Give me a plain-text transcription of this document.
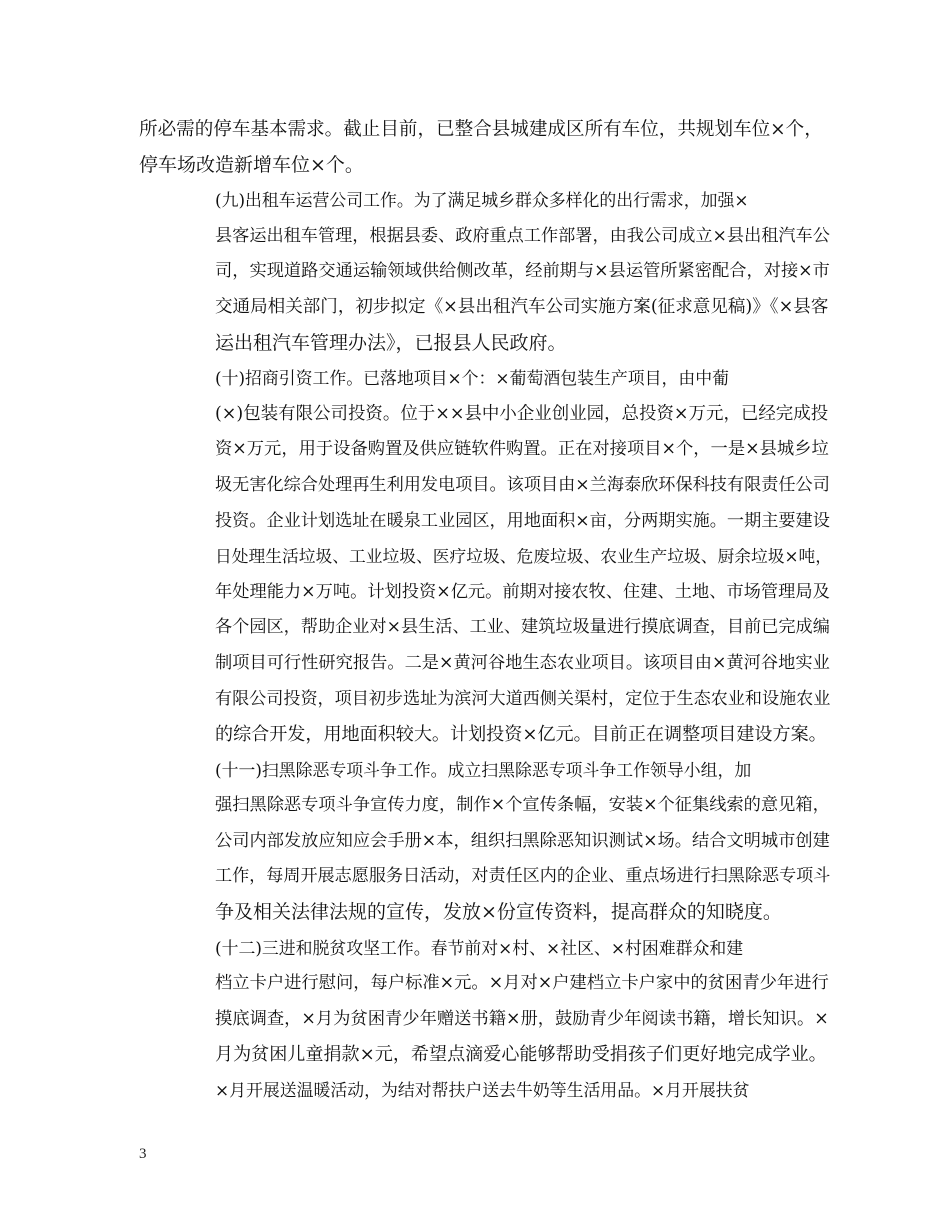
所必需的停车基本需求。截止目前，已整合县城建成区所有车位，共规划车位×个，
停车场改造新增车位×个。
(九)出租车运营公司工作。为了满足城乡群众多样化的出行需求，加强×
县客运出租车管理，根据县委、政府重点工作部署，由我公司成立×县出租汽车公
司，实现道路交通运输领域供给侧改革，经前期与×县运管所紧密配合，对接×市
交通局相关部门，初步拟定《×县出租汽车公司实施方案(征求意见稿)》《×县客
运出租汽车管理办法》，已报县人民政府。
(十)招商引资工作。已落地项目×个：×葡萄酒包装生产项目，由中葡
(×)包装有限公司投资。位于××县中小企业创业园，总投资×万元，已经完成投
资×万元，用于设备购置及供应链软件购置。正在对接项目×个，一是×县城乡垃
圾无害化综合处理再生利用发电项目。该项目由×兰海泰欣环保科技有限责任公司
投资。企业计划选址在暖泉工业园区，用地面积×亩，分两期实施。一期主要建设
日处理生活垃圾、工业垃圾、医疗垃圾、危废垃圾、农业生产垃圾、厨余垃圾×吨，
年处理能力×万吨。计划投资×亿元。前期对接农牧、住建、土地、市场管理局及
各个园区，帮助企业对×县生活、工业、建筑垃圾量进行摸底调查，目前已完成编
制项目可行性研究报告。二是×黄河谷地生态农业项目。该项目由×黄河谷地实业
有限公司投资，项目初步选址为滨河大道西侧关渠村，定位于生态农业和设施农业
的综合开发，用地面积较大。计划投资×亿元。目前正在调整项目建设方案。
(十一)扫黑除恶专项斗争工作。成立扫黑除恶专项斗争工作领导小组，加
强扫黑除恶专项斗争宣传力度，制作×个宣传条幅，安装×个征集线索的意见箱，
公司内部发放应知应会手册×本，组织扫黑除恶知识测试×场。结合文明城市创建
工作，每周开展志愿服务日活动，对责任区内的企业、重点场进行扫黑除恶专项斗
争及相关法律法规的宣传，发放×份宣传资料，提高群众的知晓度。
(十二)三进和脱贫攻坚工作。春节前对×村、×社区、×村困难群众和建
档立卡户进行慰问，每户标准×元。×月对×户建档立卡户家中的贫困青少年进行
摸底调查，×月为贫困青少年赠送书籍×册，鼓励青少年阅读书籍，增长知识。×
月为贫困儿童捐款×元，希望点滴爱心能够帮助受捐孩子们更好地完成学业。
×月开展送温暖活动，为结对帮扶户送去牛奶等生活用品。×月开展扶贫
3
